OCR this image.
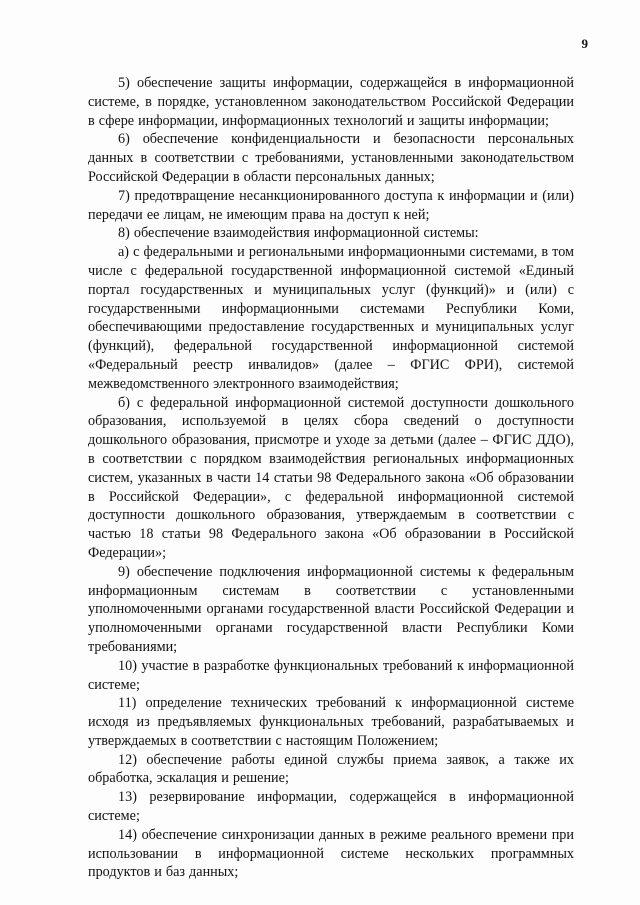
9

5) обеспечение защиты информации, содержащейся в информационной системе, в порядке, установленном законодательством Российской Федерации в сфере информации, информационных технологий и защиты информации;

6) обеспечение конфиденциальности и безопасности персональных данных в соответствии с требованиями, установленными законодательством Российской Федерации в области персональных данных;

7) предотвращение несанкционированного доступа к информации и (или) передачи ее лицам, не имеющим права на доступ к ней;

8) обеспечение взаимодействия информационной системы:

а) с федеральными и региональными информационными системами, в том числе с федеральной государственной информационной системой «Единый портал государственных и муниципальных услуг (функций)» и (или) с государственными информационными системами Республики Коми, обеспечивающими предоставление государственных и муниципальных услуг (функций), федеральной государственной информационной системой «Федеральный реестр инвалидов» (далее – ФГИС ФРИ), системой межведомственного электронного взаимодействия;

б) с федеральной информационной системой доступности дошкольного образования, используемой в целях сбора сведений о доступности дошкольного образования, присмотре и уходе за детьми (далее – ФГИС ДДО), в соответствии с порядком взаимодействия региональных информационных систем, указанных в части 14 статьи 98 Федерального закона «Об образовании в Российской Федерации», с федеральной информационной системой доступности дошкольного образования, утверждаемым в соответствии с частью 18 статьи 98 Федерального закона «Об образовании в Российской Федерации»;

9) обеспечение подключения информационной системы к федеральным информационным системам в соответствии с установленными уполномоченными органами государственной власти Российской Федерации и уполномоченными органами государственной власти Республики Коми требованиями;

10) участие в разработке функциональных требований к информационной системе;

11) определение технических требований к информационной системе исходя из предъявляемых функциональных требований, разрабатываемых и утверждаемых в соответствии с настоящим Положением;

12) обеспечение работы единой службы приема заявок, а также их обработка, эскалация и решение;

13) резервирование информации, содержащейся в информационной системе;

14) обеспечение синхронизации данных в режиме реального времени при использовании в информационной системе нескольких программных продуктов и баз данных;
